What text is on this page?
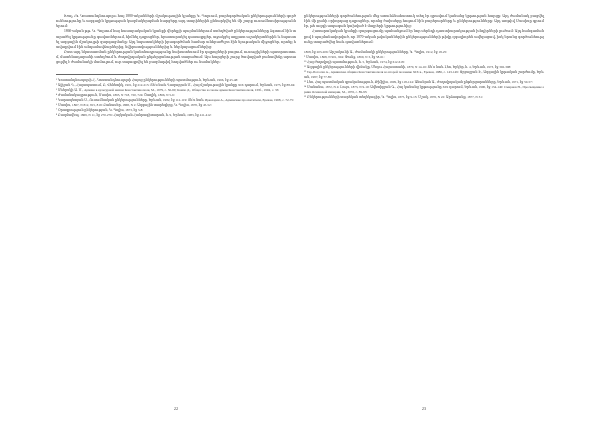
Խաչ «Կ. Կոստանդնուպոլս» հայ 1880-ականների մշակութային կյանքը Կ. Պոլսում, բարեգործական ընկերությունների գործունեությունը և ազգային կրթության կազմակերպման հարցերը այդ տարիներին քննարկվել են մի շարք ուսումնասիրություններում:

1860-ական թթ. Կ. Պոլսում հայ հասարակական կյանքի վերելքի պայմաններում ստեղծված ընկերությունները ձգտում էին տարածել կրթությունը գավառներում, հիմնել դպրոցներ, հրատարակել դասագրքեր, աջակցել աղքատ աշակերտներին և նպաստել ազգային մշակույթի զարգացմանը: Այդ նպատակների իրագործման համար անհրաժեշտ էին նյութական միջոցներ, որոնք հավաքվում էին անդամավճարներից, նվիրատվություններից և ներկայացումներից:

Ըստ այդ նկատառման ընկերության կանոնադրությունը նախատեսում էր դպրոցների բացում, ուսուցիչների պատրաստում, մատենադարանի ստեղծում և ժողովրդական ընթերցանության տարածում: Այս հարցերի շուրջ ծավալված բանավեճը արտացոլվել է ժամանակի մամուլում, ուր տպագրվել են բազմաթիվ հոդվածներ ու նամակներ:

¹ Կոստանդնուպոլսի Հ., Կոստանդնուպոլսի Հայոց ընկերությունների պատմություն, Երևան, 1966, էջ 45-48:

² Ալիշան Ղ., Հայապատում, Բ, Վենետիկ, 1901, էջ 212-215: Տե՛ս նաև Ղազարյան Մ., Հայ մշակութային կյանքը XIX դարում, Երևան, 1975, էջ 88-94:

³ Սևերսկի Ա. Մ., Армяне в культурной жизни Константинополя, М., 1979, с. 56-60; Кампо Д., Общества и союзы армян Константинополя, СПб., 1904, с. 33:

⁴ Ժամանակագրություն, Մասիս, 1865, N 718, 720, 724: Ծաղիկ, 1866, N 5-6:

⁵ Կարապետյան Ս., Ուսումնական ընկերությունները, Երևան, 1982, էջ 112-119: Տե՛ս նաև Ирказарян А., Армянские просветители, Ереван, 1968, с. 72-75:

⁶ Մասիս, 1867, N 812, 815, 819: Բանասեր, 1868, N 2: Ազգային տարեգիրք, Կ. Պոլիս, 1870, էջ 45-52:

⁷ Օրագրություն ընկերության, Կ. Պոլիս, 1873, էջ 3-8:

⁸ Բազմավեպ, 1869, N 11, էջ 270-276: Հայկական Հանրագիտարան, հ. 9, Երևան, 1983, էջ 411-412:

22

ընկերությունների գործունեության մեջ առանձնահատուկ տեղ էր գրավում կանանց կրթության հարցը: Այդ ժամանակ բացվել էին մի քանի օրիորդաց դպրոցներ, որոնց ծախսերը հոգում էին բարերարները և ընկերությունները: Այդ առթիվ Մասիսը գրում էր, թե ազգի ապագան կախված է մայրերի կրթությունից:

Հասարակական կյանքի զարգացումը պահանջում էր նոր սերնդի դաստիարակության խնդիրների լուծում: Այդ հանգամանքով է պայմանավորված, որ 1870-ական թվականներին ընկերությունների թիվը զգալիորեն ավելացավ, իսկ նրանց գործունեությունը տարածվեց նաև գավառներում:

1868, էջ 203-206: Արշակունի Ա., Ժամանակի ընկերությունները, Կ. Պոլիս, 1912, էջ 18-25:

⁹ Մասիս, 1868, N 901, 904: Փունջ, 1869, N 3, էջ 58-61:

¹⁰ Հայ ժողովրդի պատմություն, հ. 5, Երևան, 1974, էջ 612-618:

¹¹ Ազգային ընկերությունների վիճակը, Մեղու Հայաստանի, 1870, N 14-16: Տե՛ս նաև Լեո, Երկեր, հ. 4, Երևան, 1973, էջ 302-308:

¹² Тер-Погосян А., Армянская община Константинополя во второй половине XIX в., Ереван, 1986, с. 143-149: Ջրբաշյան Է., Ազգային կրթական շարժումը, Երևան, 1987, էջ 77-85:

¹³ Լեո, Հայ պատմական գրականություն, Թիֆլիս, 1909, էջ 118-124: Անանյան Ա., Ժողովրդական ընթերցարանները, Երևան, 1971, էջ 50-57:

¹⁴ Մանանա, 1872, N 4: Լույս, 1873, N 9-10: Ավետիքյան Գ., Հայ կանանց կրթությունը XIX դարում, Երևան, 1990, էջ 134-140: Смирнов Н., Просвещение армян Османской империи, М., 1976, с. 89-93:

¹⁵ Ընկերությունների տարեկան տեղեկագիր, Կ. Պոլիս, 1875, էջ 9-15: Մշակ, 1876, N 22: Արձագանք, 1877, N 31:

23
